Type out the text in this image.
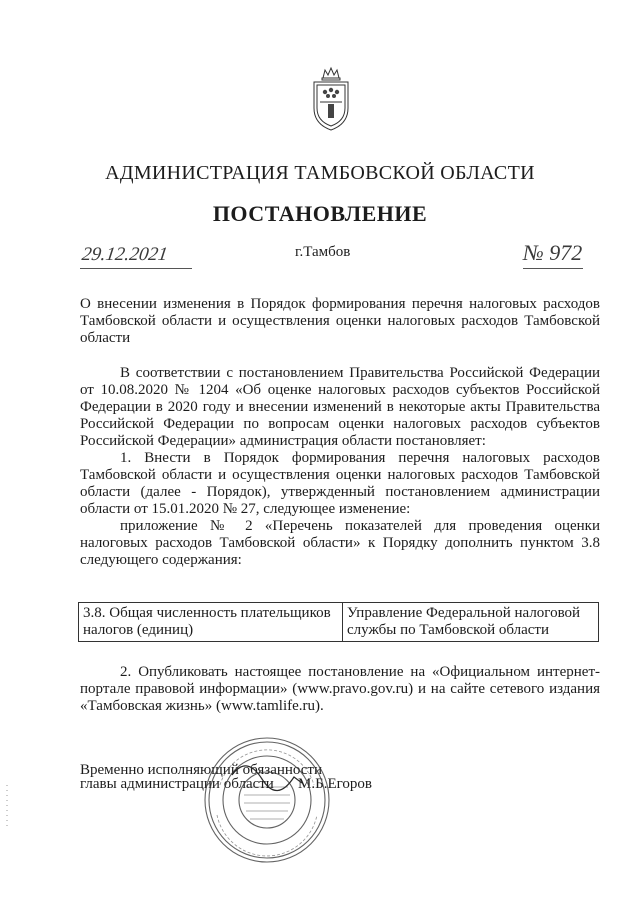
АДМИНИСТРАЦИЯ ТАМБОВСКОЙ ОБЛАСТИ
ПОСТАНОВЛЕНИЕ
29.12.2021	г.Тамбов	№ 972
О внесении изменения в Порядок формирования перечня налоговых расходов Тамбовской области и осуществления оценки налоговых расходов Тамбовской области

В соответствии с постановлением Правительства Российской Федерации от 10.08.2020 № 1204 «Об оценке налоговых расходов субъектов Российской Федерации в 2020 году и внесении изменений в некоторые акты Правительства Российской Федерации по вопросам оценки налоговых расходов субъектов Российской Федерации» администрация области постановляет:

1. Внести в Порядок формирования перечня налоговых расходов Тамбовской области и осуществления оценки налоговых расходов Тамбовской области (далее - Порядок), утвержденный постановлением администрации области от 15.01.2020 № 27, следующее изменение:

приложение № 2 «Перечень показателей для проведения оценки налоговых расходов Тамбовской области» к Порядку дополнить пунктом 3.8 следующего содержания:

3.8. Общая численность плательщиков налогов (единиц)	Управление Федеральной налоговой службы по Тамбовской области

2. Опубликовать настоящее постановление на «Официальном интернет-портале правовой информации» (www.pravo.gov.ru) и на сайте сетевого издания «Тамбовская жизнь» (www.tamlife.ru).

Временно исполняющий обязанности
главы администрации области М.Б.Егоров
